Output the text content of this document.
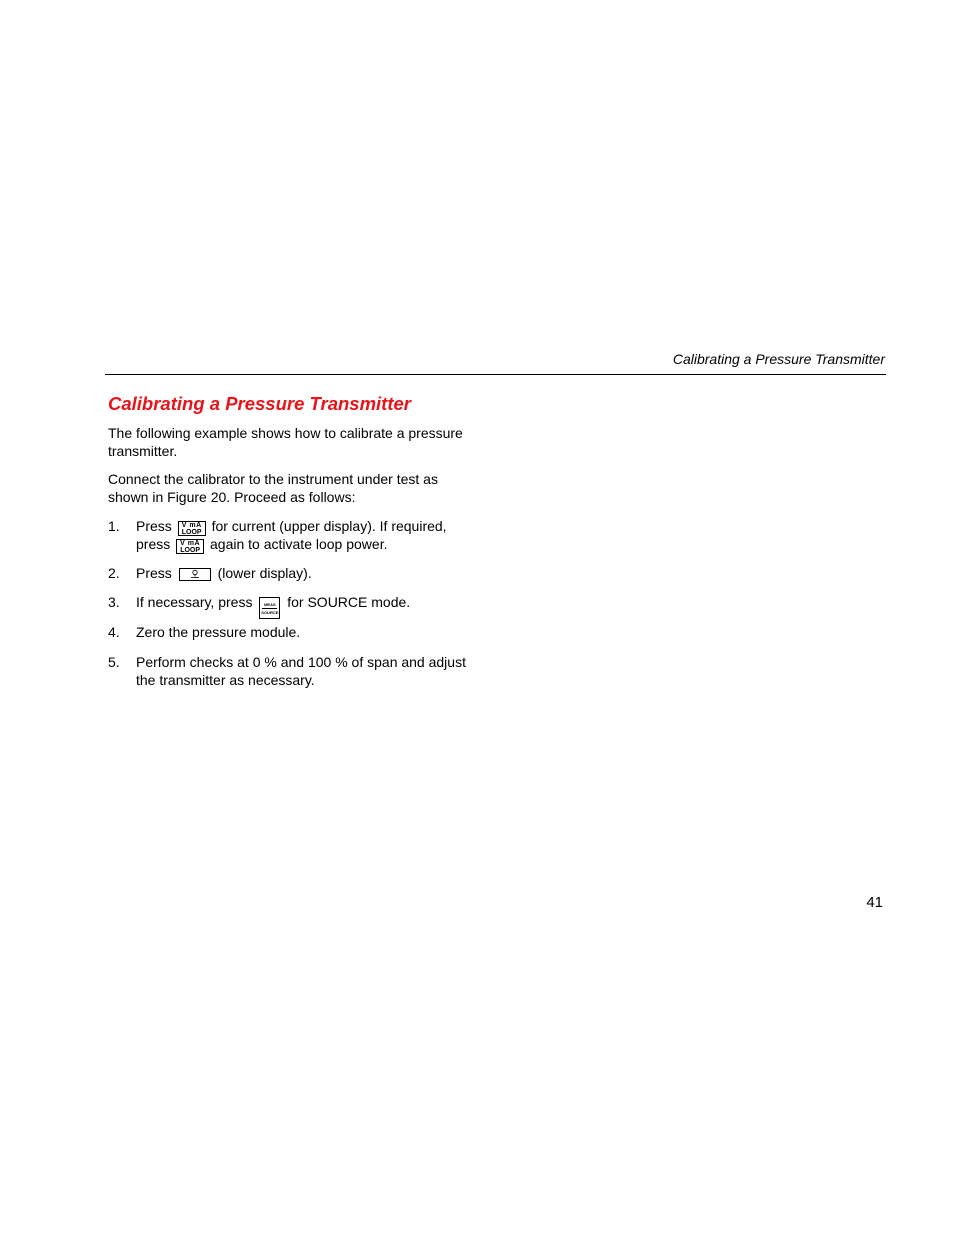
Calibrating a Pressure Transmitter
Calibrating a Pressure Transmitter

The following example shows how to calibrate a pressure transmitter.

Connect the calibrator to the instrument under test as shown in Figure 20. Proceed as follows:

1. Press	V mA
LOOP for current (upper display). If required,
press	V mA
LOOP again to activate loop power.
2. Press	(lower display).
3. If necessary, press	MEAS
SOURCE
for SOURCE mode.
4. Zero the pressure module.
5. Perform checks at 0 % and 100 % of span and adjust the transmitter as necessary.
41
